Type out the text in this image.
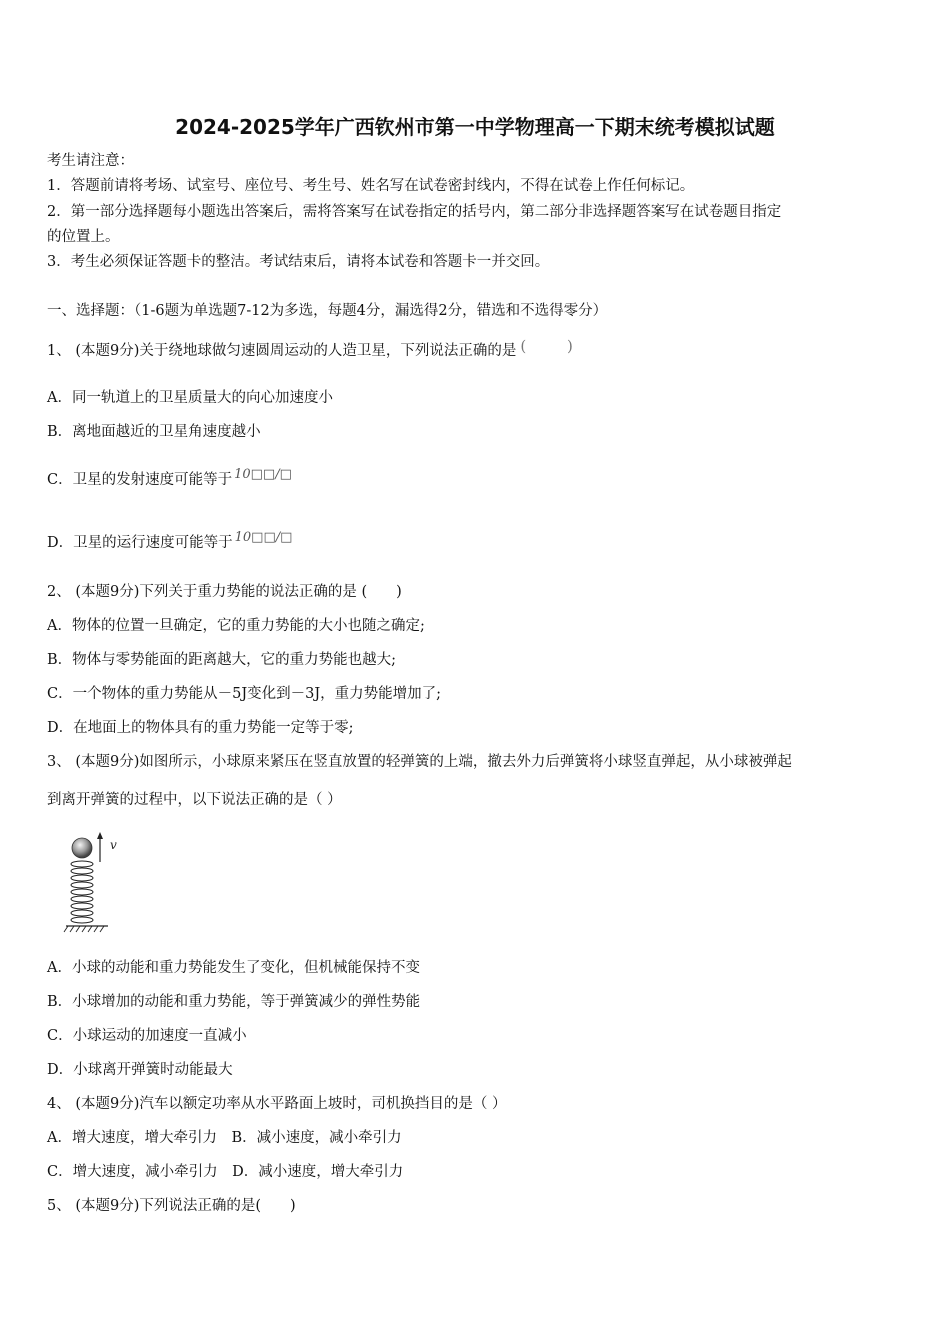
2024-2025学年广西钦州市第一中学物理高一下期末统考模拟试题
考生请注意：
1．答题前请将考场、试室号、座位号、考生号、姓名写在试卷密封线内，不得在试卷上作任何标记。
2．第一部分选择题每小题选出答案后，需将答案写在试卷指定的括号内，第二部分非选择题答案写在试卷题目指定
的位置上。
3．考生必须保证答题卡的整洁。考试结束后，请将本试卷和答题卡一并交回。
一、选择题：（1-6题为单选题7-12为多选，每题4分，漏选得2分，错选和不选得零分）
1、 (本题9分)关于绕地球做匀速圆周运动的人造卫星，下列说法正确的是 ( )
A．同一轨道上的卫星质量大的向心加速度小
B．离地面越近的卫星角速度越小
C．卫星的发射速度可能等于 10□□/□
D．卫星的运行速度可能等于 10□□/□
2、 (本题9分)下列关于重力势能的说法正确的是 (　　)
A．物体的位置一旦确定，它的重力势能的大小也随之确定;
B．物体与零势能面的距离越大，它的重力势能也越大;
C．一个物体的重力势能从－5J变化到－3J，重力势能增加了;
D．在地面上的物体具有的重力势能一定等于零;
3、 (本题9分)如图所示，小球原来紧压在竖直放置的轻弹簧的上端，撤去外力后弹簧将小球竖直弹起，从小球被弹起
到离开弹簧的过程中，以下说法正确的是（ ）
v
A．小球的动能和重力势能发生了变化，但机械能保持不变
B．小球增加的动能和重力势能，等于弹簧减少的弹性势能
C．小球运动的加速度一直减小
D．小球离开弹簧时动能最大
4、 (本题9分)汽车以额定功率从水平路面上坡时，司机换挡目的是（ ）
A．增大速度，增大牵引力　B．减小速度，减小牵引力
C．增大速度，减小牵引力　D．减小速度，增大牵引力
5、 (本题9分)下列说法正确的是(　　)
